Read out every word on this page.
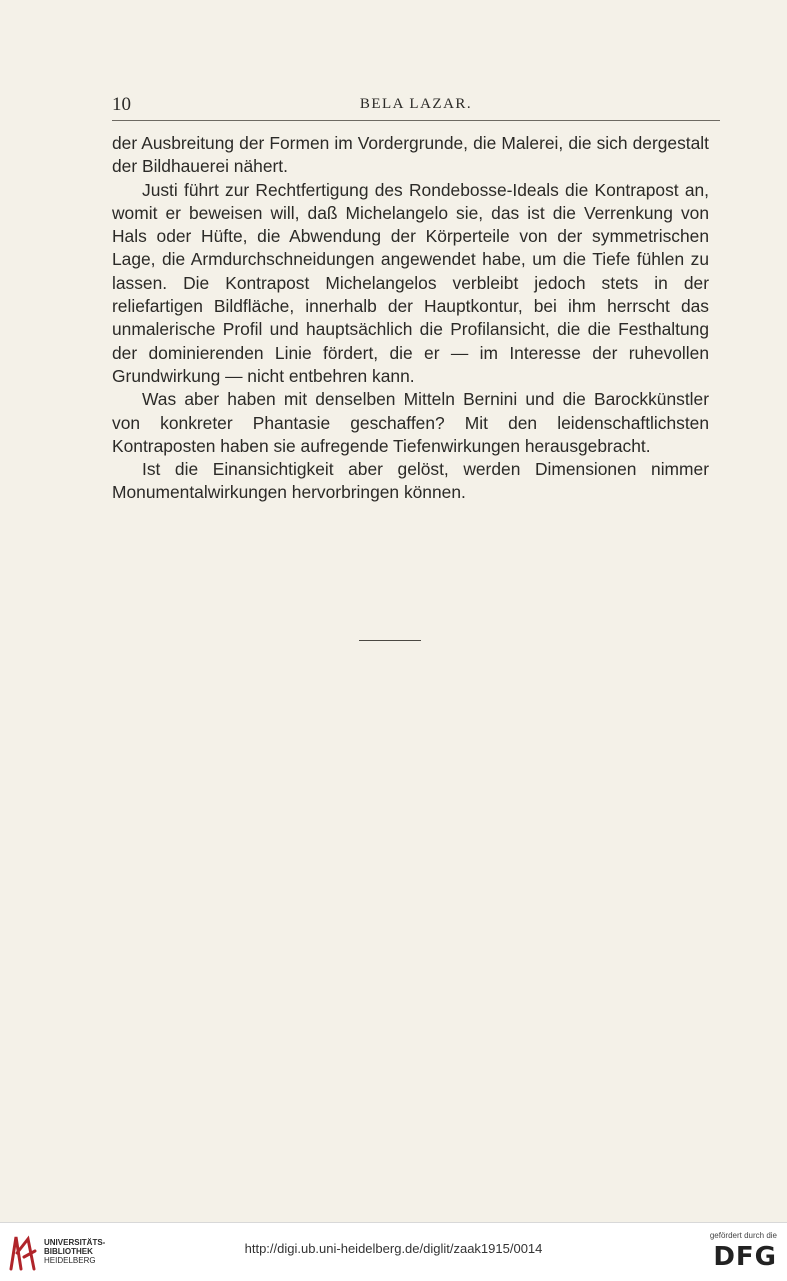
10	BELA LAZAR.

der Ausbreitung der Formen im Vordergrunde, die Malerei, die sich dergestalt der Bildhauerei nähert.

Justi führt zur Rechtfertigung des Rondebosse-Ideals die Kontrapost an, womit er beweisen will, daß Michelangelo sie, das ist die Verrenkung von Hals oder Hüfte, die Abwendung der Körperteile von der symmetrischen Lage, die Armdurchschneidungen angewendet habe, um die Tiefe fühlen zu lassen. Die Kontrapost Michelangelos verbleibt jedoch stets in der reliefartigen Bildfläche, innerhalb der Hauptkontur, bei ihm herrscht das unmalerische Profil und hauptsächlich die Profilansicht, die die Festhaltung der dominierenden Linie fördert, die er — im Interesse der ruhevollen Grundwirkung — nicht entbehren kann.

Was aber haben mit denselben Mitteln Bernini und die Barockkünstler von konkreter Phantasie geschaffen? Mit den leidenschaftlichsten Kontraposten haben sie aufregende Tiefenwirkungen herausgebracht.

Ist die Einansichtigkeit aber gelöst, werden Dimensionen nimmer Monumentalwirkungen hervorbringen können.

UNIVERSITÄTS-
BIBLIOTHEK
HEIDELBERG
http://digi.ub.uni-heidelberg.de/diglit/zaak1915/0014
gefördert durch die
DFG
